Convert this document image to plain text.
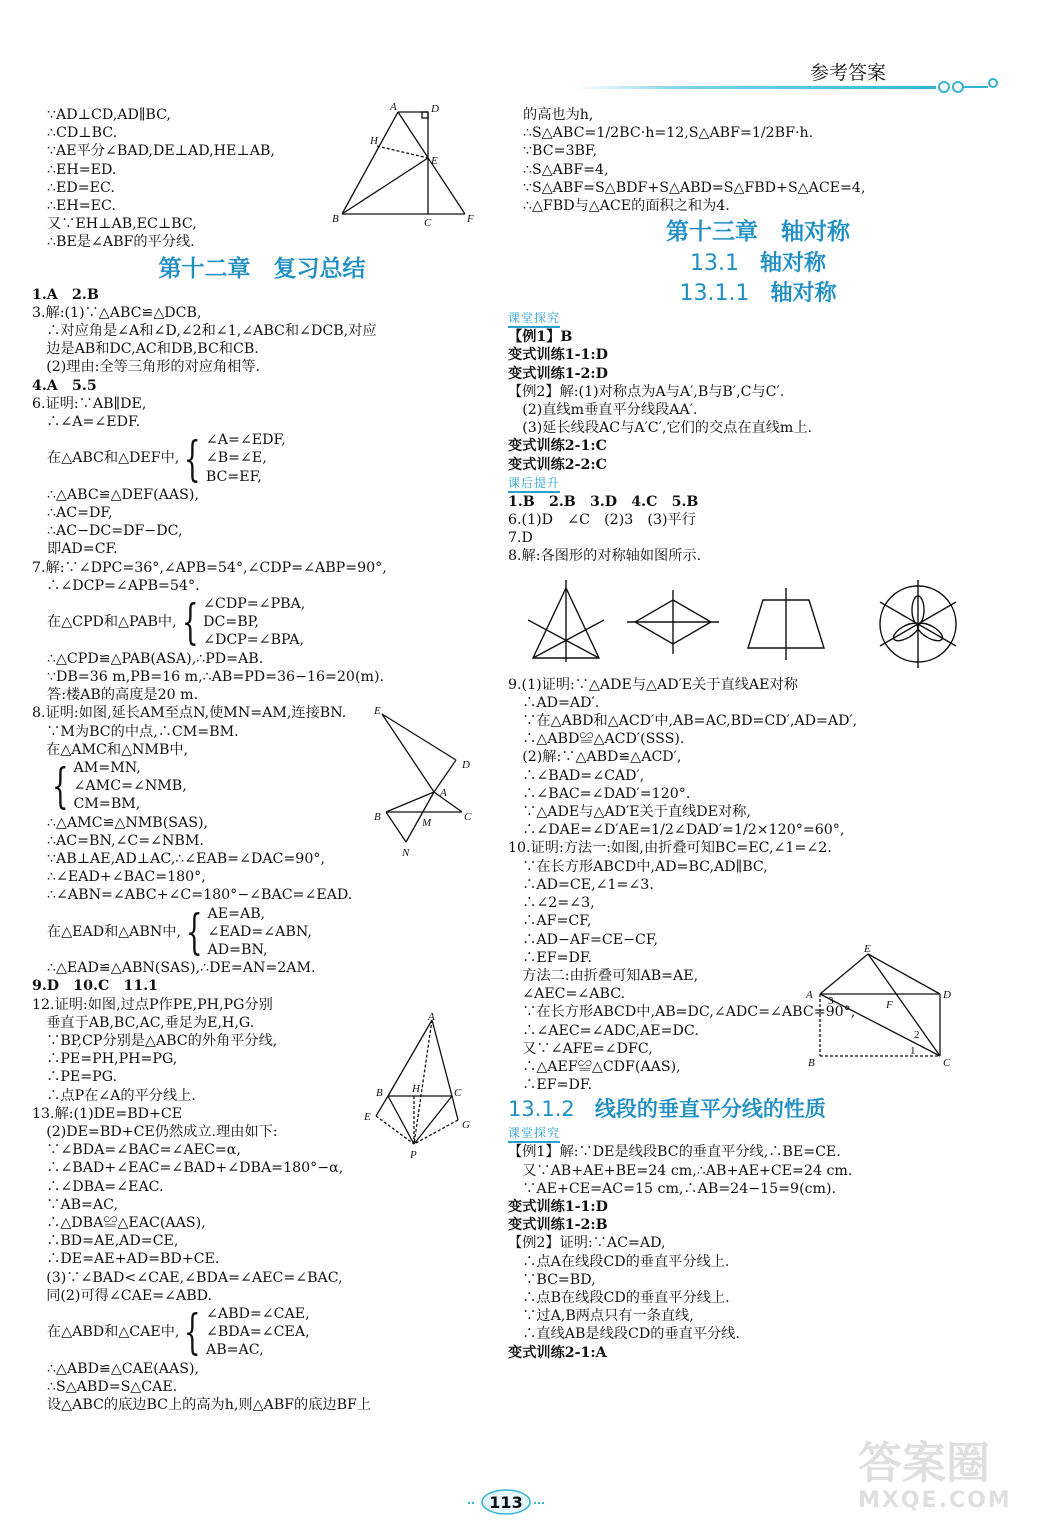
参考答案
∵AD⊥CD,AD∥BC,
∴CD⊥BC.
∵AE平分∠BAD,DE⊥AD,HE⊥AB,
∴EH=ED.
∴ED=EC.
∴EH=EC.
又∵EH⊥AB,EC⊥BC,
∴BE是∠ABF的平分线.
第十二章　复习总结
1.A　2.B
3.解:(1)∵△ABC≌△DCB,
　∴对应角是∠A和∠D,∠2和∠1,∠ABC和∠DCB,对应
　边是AB和DC,AC和DB,BC和CB.
　(2)理由:全等三角形的对应角相等.
4.A　5.5
6.证明:∵AB∥DE,
　∴∠A=∠EDF.
在△ABC和△DEF中, { ∠A=∠EDF,
∠B=∠E,
BC=EF,
∴△ABC≌△DEF(AAS),
∴AC=DF,
∴AC−DC=DF−DC,
即AD=CF.
7.解:∵∠DPC=36°,∠APB=54°,∠CDP=∠ABP=90°,
　∴∠DCP=∠APB=54°.
在△CPD和△PAB中, { ∠CDP=∠PBA,
DC=BP,
∠DCP=∠BPA,
∴△CPD≌△PAB(ASA),∴PD=AB.
∵DB=36 m,PB=16 m,∴AB=PD=36−16=20(m).
答:楼AB的高度是20 m.
8.证明:如图,延长AM至点N,使MN=AM,连接BN.
　∵M为BC的中点,∴CM=BM.
　在△AMC和△NMB中,
{ AM=MN,
∠AMC=∠NMB,
CM=BM,
∴△AMC≌△NMB(SAS),
∴AC=BN,∠C=∠NBM.
∵AB⊥AE,AD⊥AC,∴∠EAB=∠DAC=90°,
∴∠EAD+∠BAC=180°,
∴∠ABN=∠ABC+∠C=180°−∠BAC=∠EAD.
在△EAD和△ABN中, { AE=AB,
∠EAD=∠ABN,
AD=BN,
∴△EAD≌△ABN(SAS),∴DE=AN=2AM.
9.D　10.C　11.1
12.证明:如图,过点P作PE,PH,PG分别
　垂直于AB,BC,AC,垂足为E,H,G.
　∵BP,CP分别是△ABC的外角平分线,
　∴PE=PH,PH=PG,
　∴PE=PG.
　∴点P在∠A的平分线上.
13.解:(1)DE=BD+CE
　(2)DE=BD+CE仍然成立.理由如下:
　∵∠BDA=∠BAC=∠AEC=α,
　∴∠BAD+∠EAC=∠BAD+∠DBA=180°−α,
　∴∠DBA=∠EAC.
　∵AB=AC,
　∴△DBA≌△EAC(AAS),
　∴BD=AE,AD=CE,
　∴DE=AE+AD=BD+CE.
　(3)∵∠BAD<∠CAE,∠BDA=∠AEC=∠BAC,
　同(2)可得∠CAE=∠ABD.
在△ABD和△CAE中, { ∠ABD=∠CAE,
∠BDA=∠CEA,
AB=AC,
∴△ABD≌△CAE(AAS),
∴S△ABD=S△CAE.
设△ABC的底边BC上的高为h,则△ABF的底边BF上
的高也为h,
∴S△ABC=1/2BC·h=12,S△ABF=1/2BF·h.
∵BC=3BF,
∴S△ABF=4,
∵S△ABF=S△BDF+S△ABD=S△FBD+S△ACE=4,
∴△FBD与△ACE的面积之和为4.
第十三章　轴对称
13.1 轴对称
13.1.1 轴对称
课堂探究
【例1】B
变式训练1-1:D
变式训练1-2:D
【例2】解:(1)对称点为A与A′,B与B′,C与C′.
　(2)直线m垂直平分线段AA′.
　(3)延长线段AC与A′C′,它们的交点在直线m上.
变式训练2-1:C
变式训练2-2:C
课后提升
1.B　2.B　3.D　4.C　5.B
6.(1)D　∠C　(2)3　(3)平行
7.D
8.解:各图形的对称轴如图所示.
9.(1)证明:∵△ADE与△AD′E关于直线AE对称
　∴AD=AD′.
　∵在△ABD和△ACD′中,AB=AC,BD=CD′,AD=AD′,
　∴△ABD≌△ACD′(SSS).
　(2)解:∵△ABD≌△ACD′,
　∴∠BAD=∠CAD′,
　∴∠BAC=∠DAD′=120°.
　∵△ADE与△AD′E关于直线DE对称,
　∴∠DAE=∠D′AE=1/2∠DAD′=1/2×120°=60°,
10.证明:方法一:如图,由折叠可知BC=EC,∠1=∠2.
　∵在长方形ABCD中,AD=BC,AD∥BC,
　∴AD=CE,∠1=∠3.
　∴∠2=∠3,
　∴AF=CF,
　∴AD−AF=CE−CF,
　∴EF=DF.
　方法二:由折叠可知AB=AE,
　∠AEC=∠ABC.
　∵在长方形ABCD中,AB=DC,∠ADC=∠ABC=90°,
　∴∠AEC=∠ADC,AE=DC.
　又∵∠AFE=∠DFC,
　∴△AEF≌△CDF(AAS),
　∴EF=DF.
13.1.2 线段的垂直平分线的性质
课堂探究
【例1】解:∵DE是线段BC的垂直平分线,∴BE=CE.
　又∵AB+AE+BE=24 cm,∴AB+AE+CE=24 cm.
　∵AE+CE=AC=15 cm,∴AB=24−15=9(cm).
变式训练1-1:D
变式训练1-2:B
【例2】证明:∵AC=AD,
　∴点A在线段CD的垂直平分线上.
　∵BC=BD,
　∴点B在线段CD的垂直平分线上.
　∵过A,B两点只有一条直线,
　∴直线AB是线段CD的垂直平分线.
变式训练2-1:A
A	D
H
E
B	C	F
E
D
A
B	M	C
N
A
B	H	C
E
P
G
E
A 3	F
D
2
1
B	C
113
答案圈
MXQE.COM
